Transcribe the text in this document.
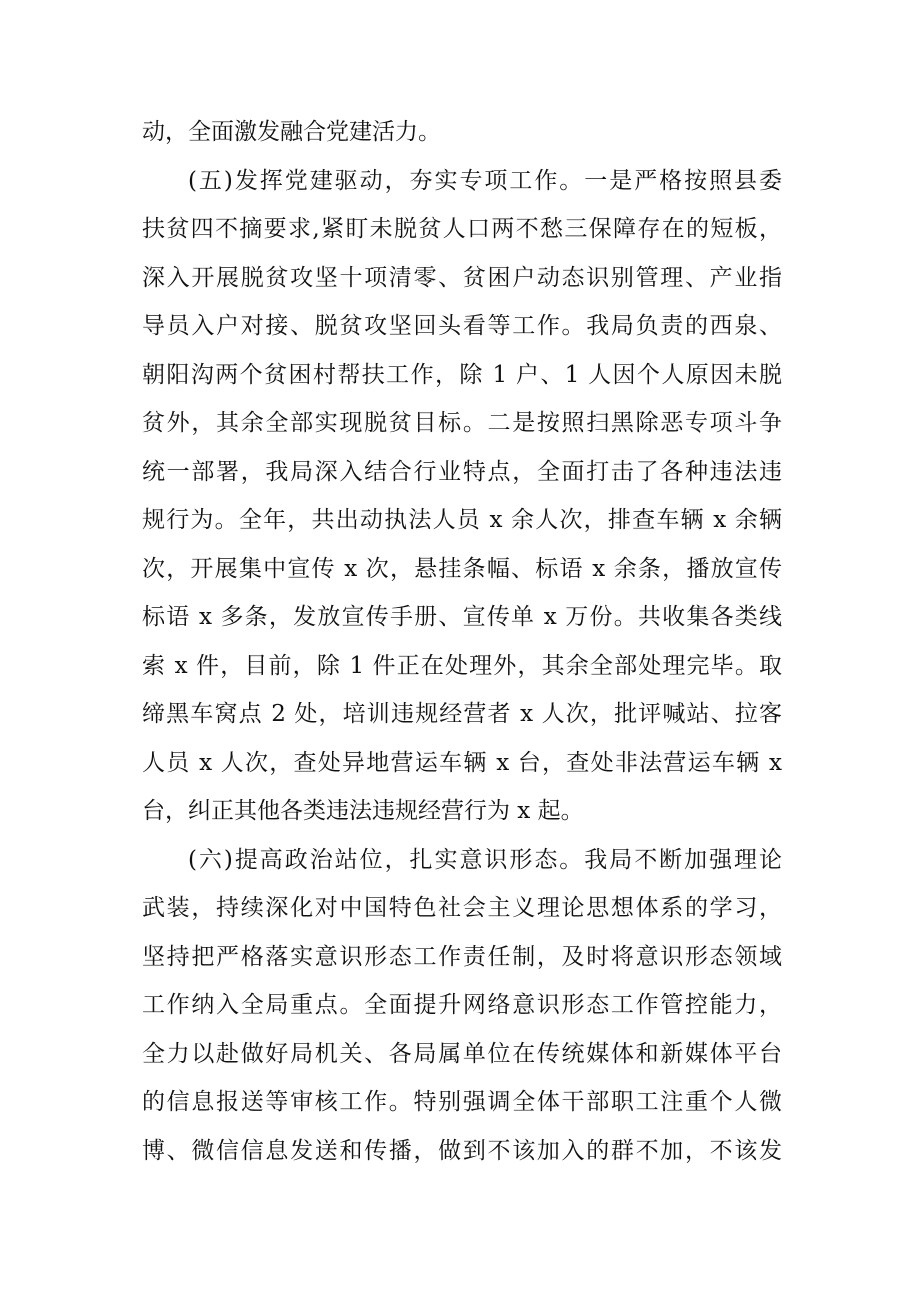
动，全面激发融合党建活力。
(五)发挥党建驱动，夯实专项工作。一是严格按照县委
扶贫四不摘要求,紧盯未脱贫人口两不愁三保障存在的短板，
深入开展脱贫攻坚十项清零、贫困户动态识别管理、产业指
导员入户对接、脱贫攻坚回头看等工作。我局负责的西泉、
朝阳沟两个贫困村帮扶工作，除 1 户、1 人因个人原因未脱
贫外，其余全部实现脱贫目标。二是按照扫黑除恶专项斗争
统一部署，我局深入结合行业特点，全面打击了各种违法违
规行为。全年，共出动执法人员 x 余人次，排查车辆 x 余辆
次，开展集中宣传 x 次，悬挂条幅、标语 x 余条，播放宣传
标语 x 多条，发放宣传手册、宣传单 x 万份。共收集各类线
索 x 件，目前，除 1 件正在处理外，其余全部处理完毕。取
缔黑车窝点 2 处，培训违规经营者 x 人次，批评喊站、拉客
人员 x 人次，查处异地营运车辆 x 台，查处非法营运车辆 x
台，纠正其他各类违法违规经营行为 x 起。
(六)提高政治站位，扎实意识形态。我局不断加强理论
武装，持续深化对中国特色社会主义理论思想体系的学习，
坚持把严格落实意识形态工作责任制，及时将意识形态领域
工作纳入全局重点。全面提升网络意识形态工作管控能力，
全力以赴做好局机关、各局属单位在传统媒体和新媒体平台
的信息报送等审核工作。特别强调全体干部职工注重个人微
博、微信信息发送和传播，做到不该加入的群不加，不该发
